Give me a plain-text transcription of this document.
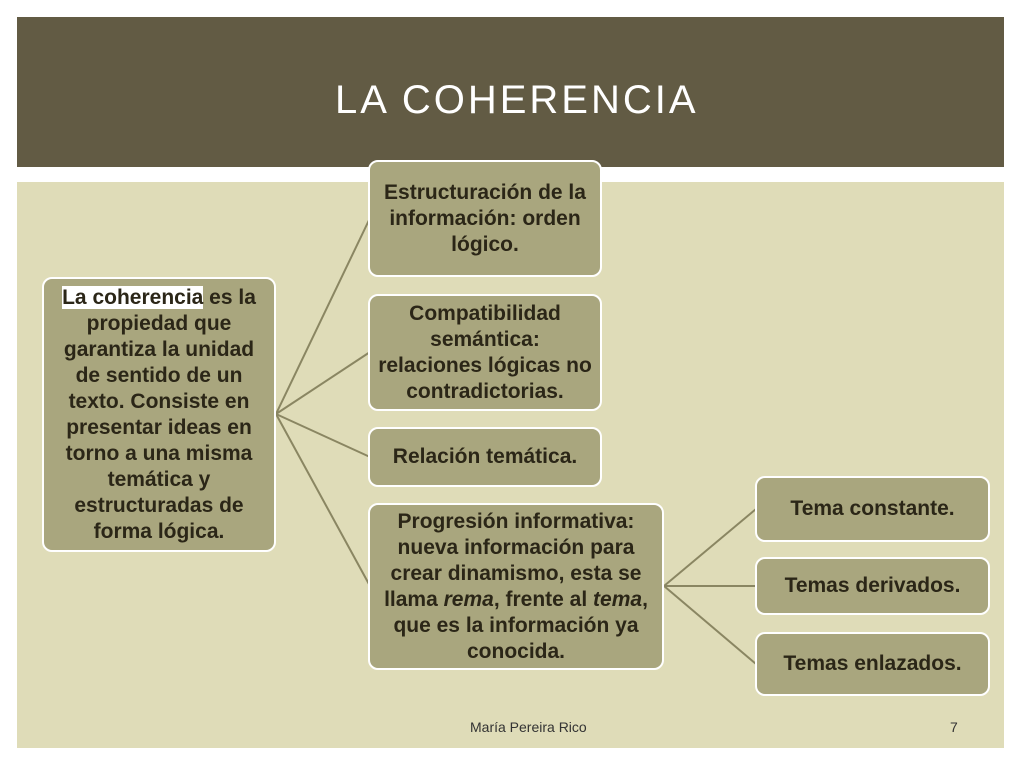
LA COHERENCIA
La coherencia es la propiedad que garantiza la unidad de sentido de un texto. Consiste en presentar ideas en torno a una misma temática y estructuradas de forma lógica.
Estructuración de la información: orden lógico.
Compatibilidad semántica: relaciones lógicas no contradictorias.
Relación temática.
Progresión informativa: nueva información para crear dinamismo, esta se llama rema, frente al tema, que es la información ya conocida.
Tema constante.
Temas derivados.
Temas enlazados.
María Pereira Rico	7
